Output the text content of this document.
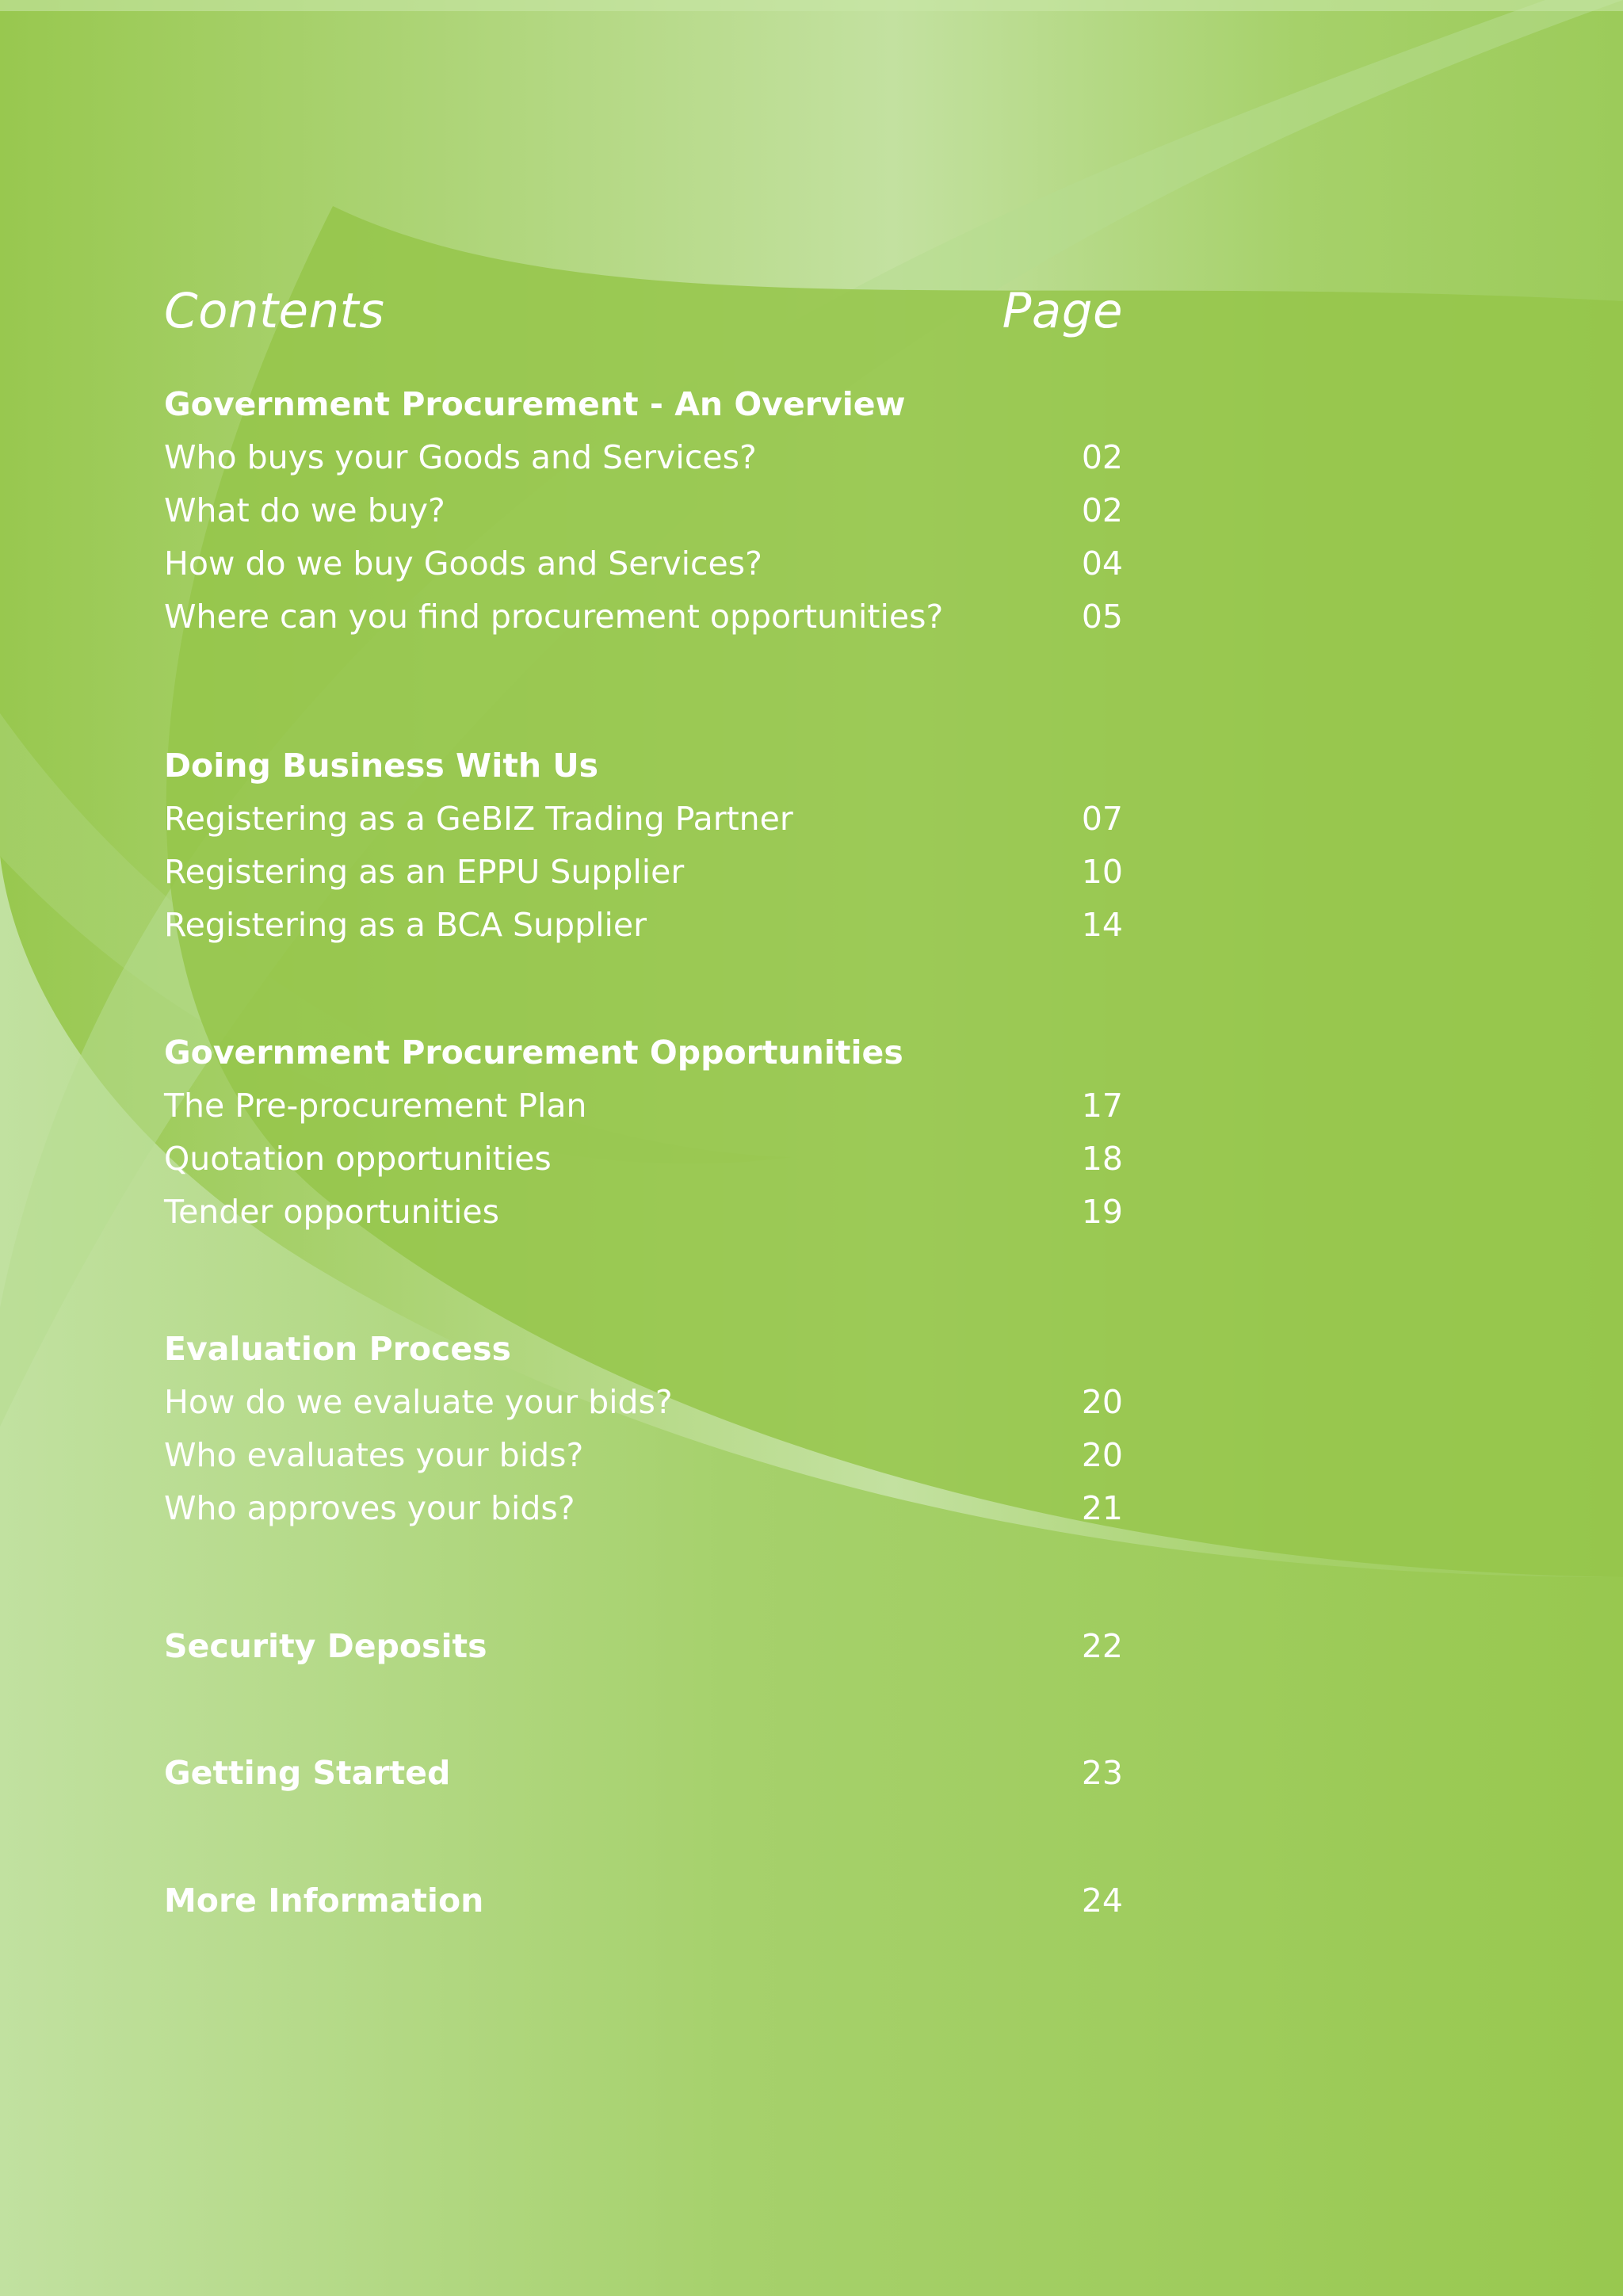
Contents	Page
Government Procurement - An Overview
Who buys your Goods and Services?	02
What do we buy?	02
How do we buy Goods and Services?	04
Where can you find procurement opportunities?	05
Doing Business With Us
Registering as a GeBIZ Trading Partner	07
Registering as an EPPU Supplier	10
Registering as a BCA Supplier	14
Government Procurement Opportunities
The Pre-procurement Plan	17
Quotation opportunities	18
Tender opportunities	19
Evaluation Process
How do we evaluate your bids?	20
Who evaluates your bids?	20
Who approves your bids?	21
Security Deposits	22
Getting Started	23
More Information	24
